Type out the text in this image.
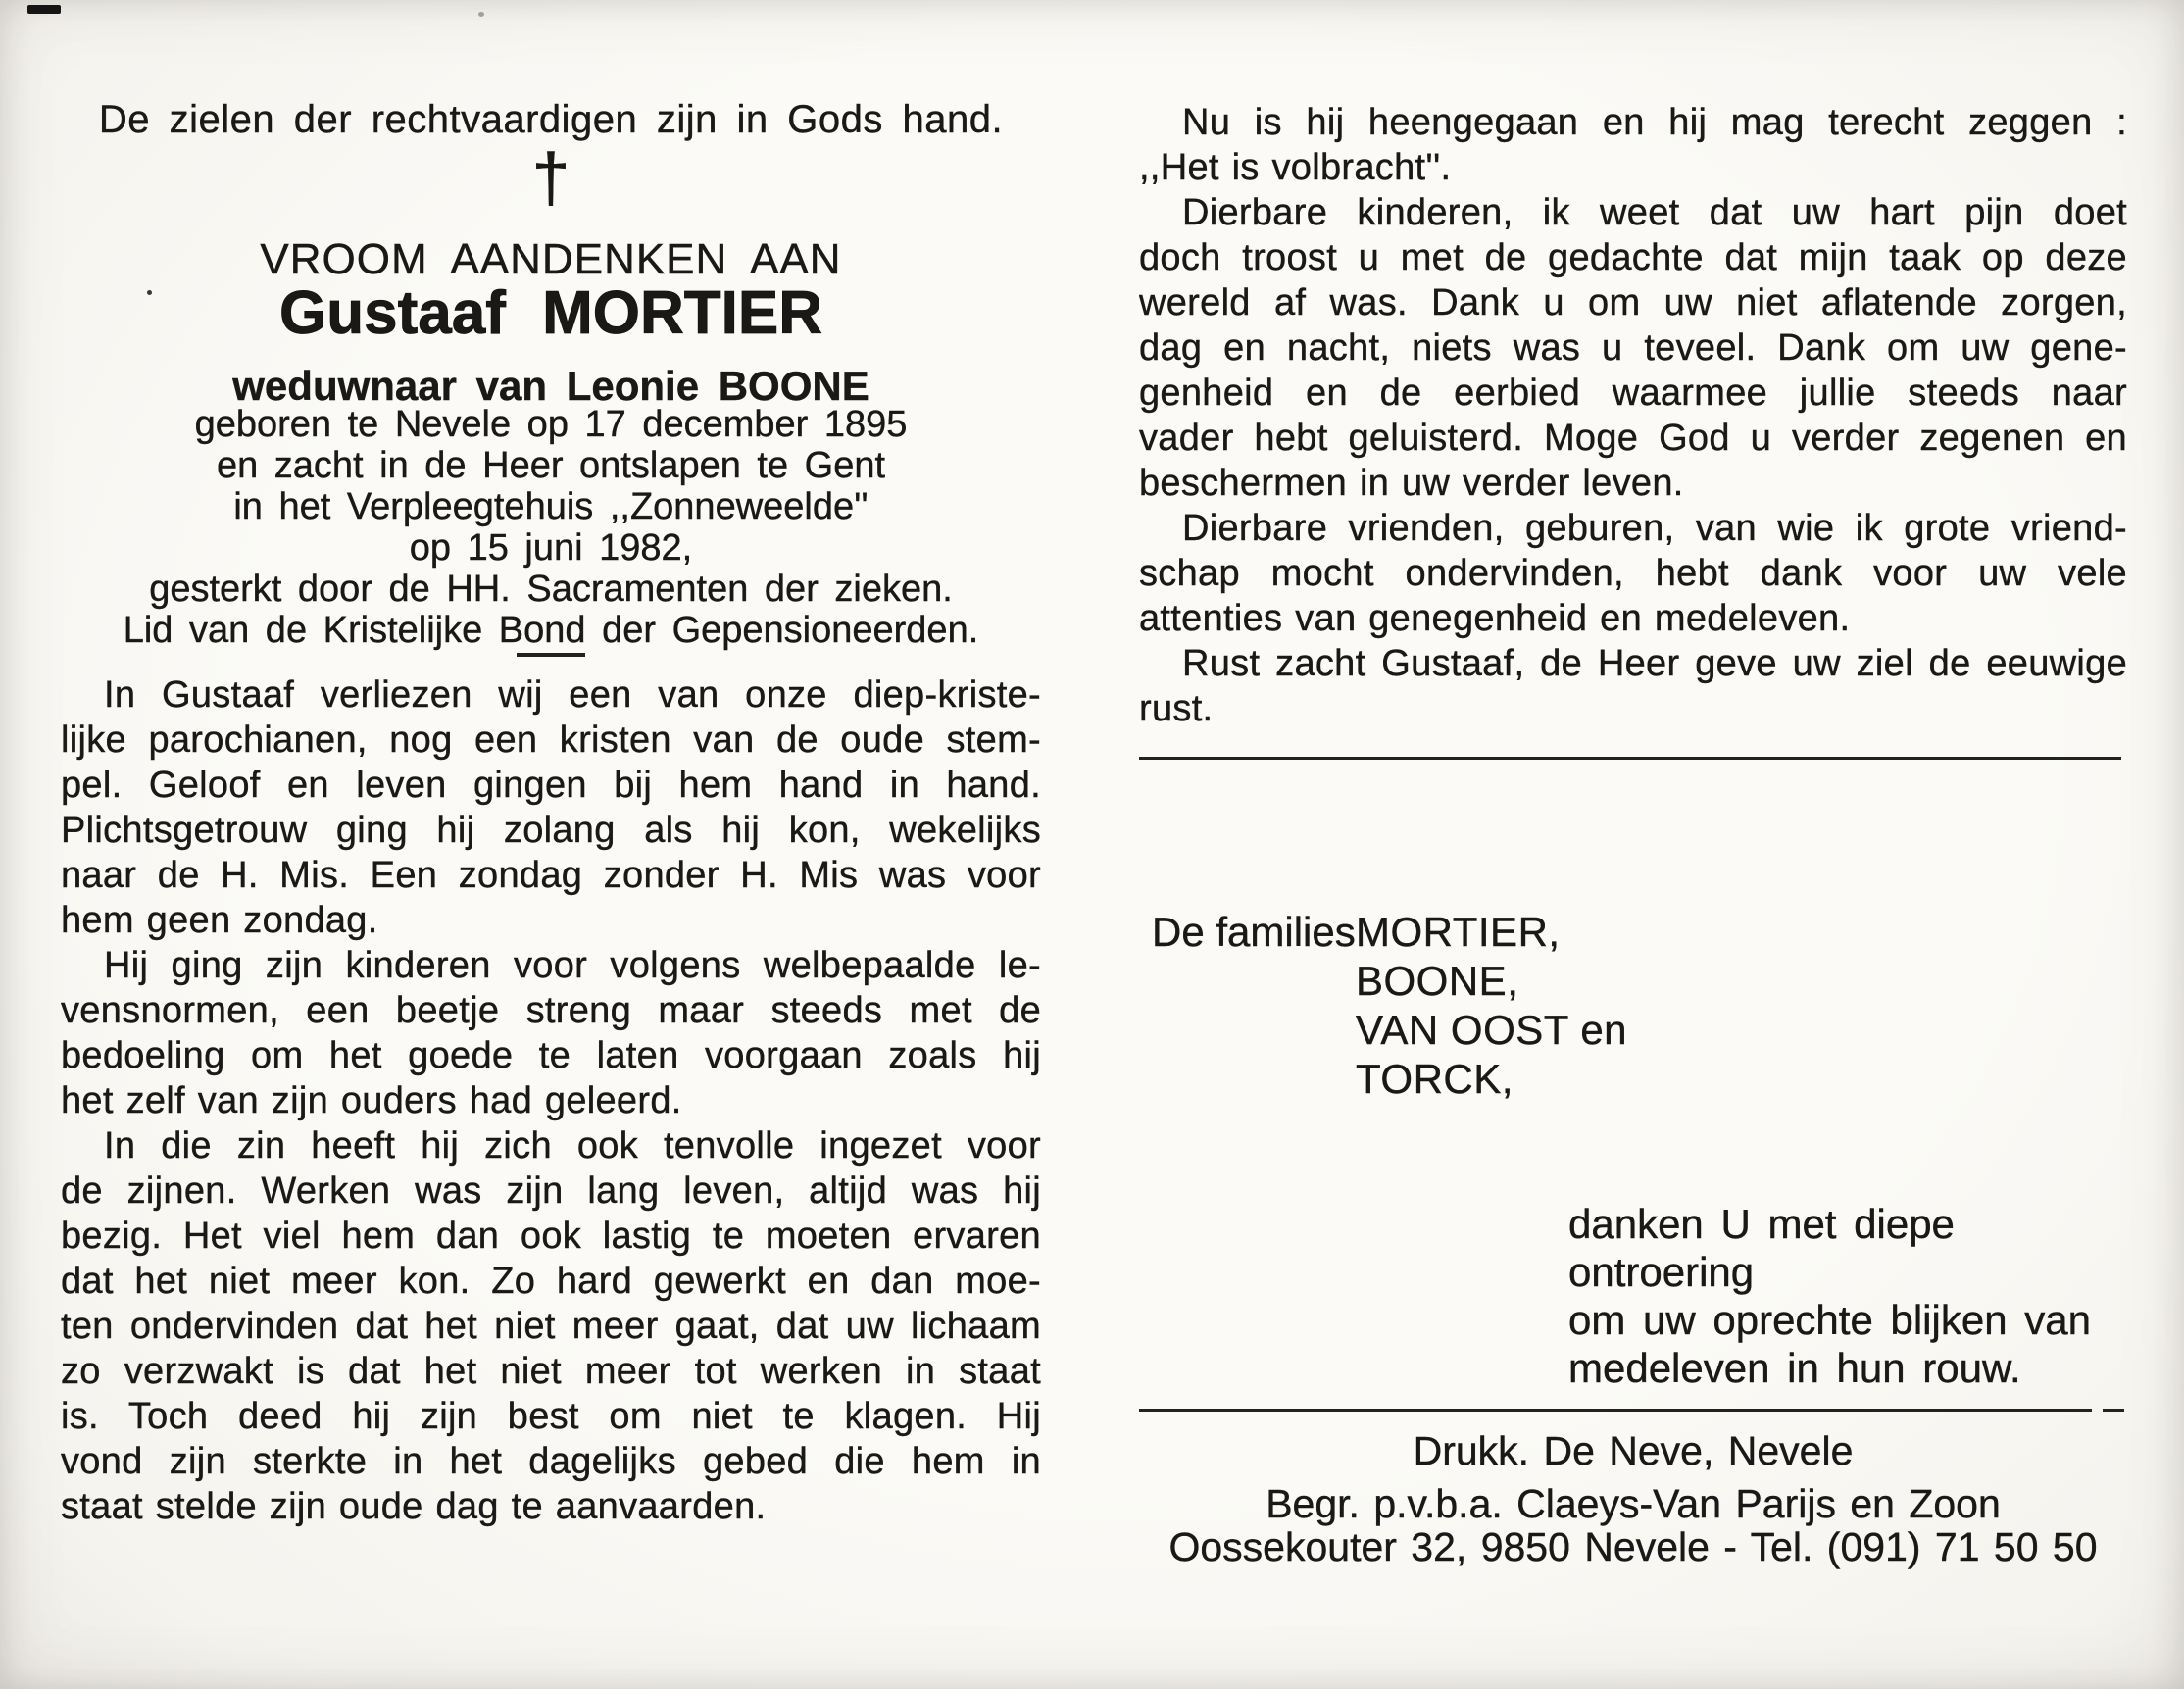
De zielen der rechtvaardigen zijn in Gods hand.
†
VROOM AANDENKEN AAN
Gustaaf MORTIER
weduwnaar van Leonie BOONE
geboren te Nevele op 17 december 1895
en zacht in de Heer ontslapen te Gent
in het Verpleegtehuis ,,Zonneweelde''
op 15 juni 1982,
gesterkt door de HH. Sacramenten der zieken.
Lid van de Kristelijke Bond der Gepensioneerden.
In Gustaaf verliezen wij een van onze diep-kriste-
lijke parochianen, nog een kristen van de oude stem-
pel. Geloof en leven gingen bij hem hand in hand.
Plichtsgetrouw ging hij zolang als hij kon, wekelijks
naar de H. Mis. Een zondag zonder H. Mis was voor
hem geen zondag.
Hij ging zijn kinderen voor volgens welbepaalde le-
vensnormen, een beetje streng maar steeds met de
bedoeling om het goede te laten voorgaan zoals hij
het zelf van zijn ouders had geleerd.
In die zin heeft hij zich ook tenvolle ingezet voor
de zijnen. Werken was zijn lang leven, altijd was hij
bezig. Het viel hem dan ook lastig te moeten ervaren
dat het niet meer kon. Zo hard gewerkt en dan moe-
ten ondervinden dat het niet meer gaat, dat uw lichaam
zo verzwakt is dat het niet meer tot werken in staat
is. Toch deed hij zijn best om niet te klagen. Hij
vond zijn sterkte in het dagelijks gebed die hem in
staat stelde zijn oude dag te aanvaarden.
Nu is hij heengegaan en hij mag terecht zeggen :
,,Het is volbracht''.
Dierbare kinderen, ik weet dat uw hart pijn doet
doch troost u met de gedachte dat mijn taak op deze
wereld af was. Dank u om uw niet aflatende zorgen,
dag en nacht, niets was u teveel. Dank om uw gene-
genheid en de eerbied waarmee jullie steeds naar
vader hebt geluisterd. Moge God u verder zegenen en
beschermen in uw verder leven.
Dierbare vrienden, geburen, van wie ik grote vriend-
schap mocht ondervinden, hebt dank voor uw vele
attenties van genegenheid en medeleven.
Rust zacht Gustaaf, de Heer geve uw ziel de eeuwige
rust.
De families MORTIER,
BOONE,
VAN OOST en
TORCK,
danken U met diepe ontroering
om uw oprechte blijken van
medeleven in hun rouw.
Drukk. De Neve, Nevele
Begr. p.v.b.a. Claeys-Van Parijs en Zoon
Oossekouter 32, 9850 Nevele - Tel. (091) 71 50 50
